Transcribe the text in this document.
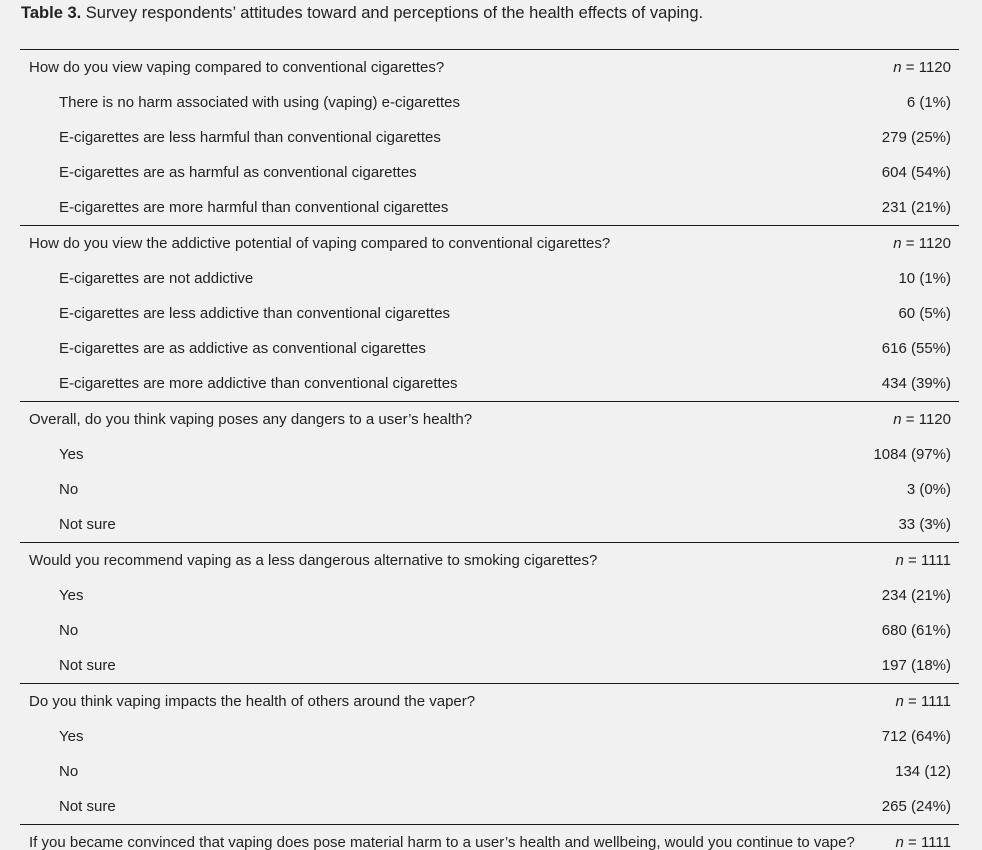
Table 3. Survey respondents’ attitudes toward and perceptions of the health effects of vaping.
How do you view vaping compared to conventional cigarettes?	n = 1120
There is no harm associated with using (vaping) e-cigarettes	6 (1%)
E-cigarettes are less harmful than conventional cigarettes	279 (25%)
E-cigarettes are as harmful as conventional cigarettes	604 (54%)
E-cigarettes are more harmful than conventional cigarettes	231 (21%)
How do you view the addictive potential of vaping compared to conventional cigarettes?	n = 1120
E-cigarettes are not addictive	10 (1%)
E-cigarettes are less addictive than conventional cigarettes	60 (5%)
E-cigarettes are as addictive as conventional cigarettes	616 (55%)
E-cigarettes are more addictive than conventional cigarettes	434 (39%)
Overall, do you think vaping poses any dangers to a user’s health?	n = 1120
Yes	1084 (97%)
No	3 (0%)
Not sure	33 (3%)
Would you recommend vaping as a less dangerous alternative to smoking cigarettes?	n = 1111
Yes	234 (21%)
No	680 (61%)
Not sure	197 (18%)
Do you think vaping impacts the health of others around the vaper?	n = 1111
Yes	712 (64%)
No	134 (12)
Not sure	265 (24%)
If you became convinced that vaping does pose material harm to a user’s health and wellbeing, would you continue to vape?	n = 1111
